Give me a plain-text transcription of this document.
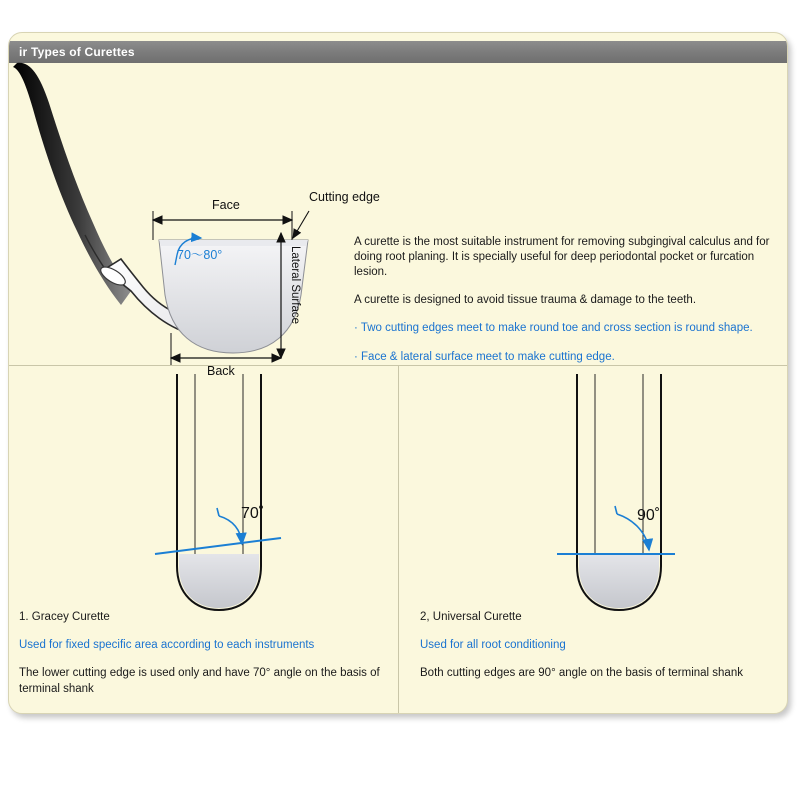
ir Types of Curettes
Face
Cutting edge
70〜80°	Lateral Surface
Back
A curette is the most suitable instrument for removing subgingival calculus and for doing root planing. It is specially useful for deep periodontal pocket or furcation lesion.
A curette is designed to avoid tissue trauma & damage to the teeth.
· Two cutting edges meet to make round toe and cross section is round shape.
· Face & lateral surface meet to make cutting edge.
70˚	90˚
1. Gracey Curette
Used for fixed specific area according to each instruments
The lower cutting edge is used only and have 70° angle on the basis of terminal shank
2, Universal Curette
Used for all root conditioning
Both cutting edges are 90° angle on the basis of terminal shank
